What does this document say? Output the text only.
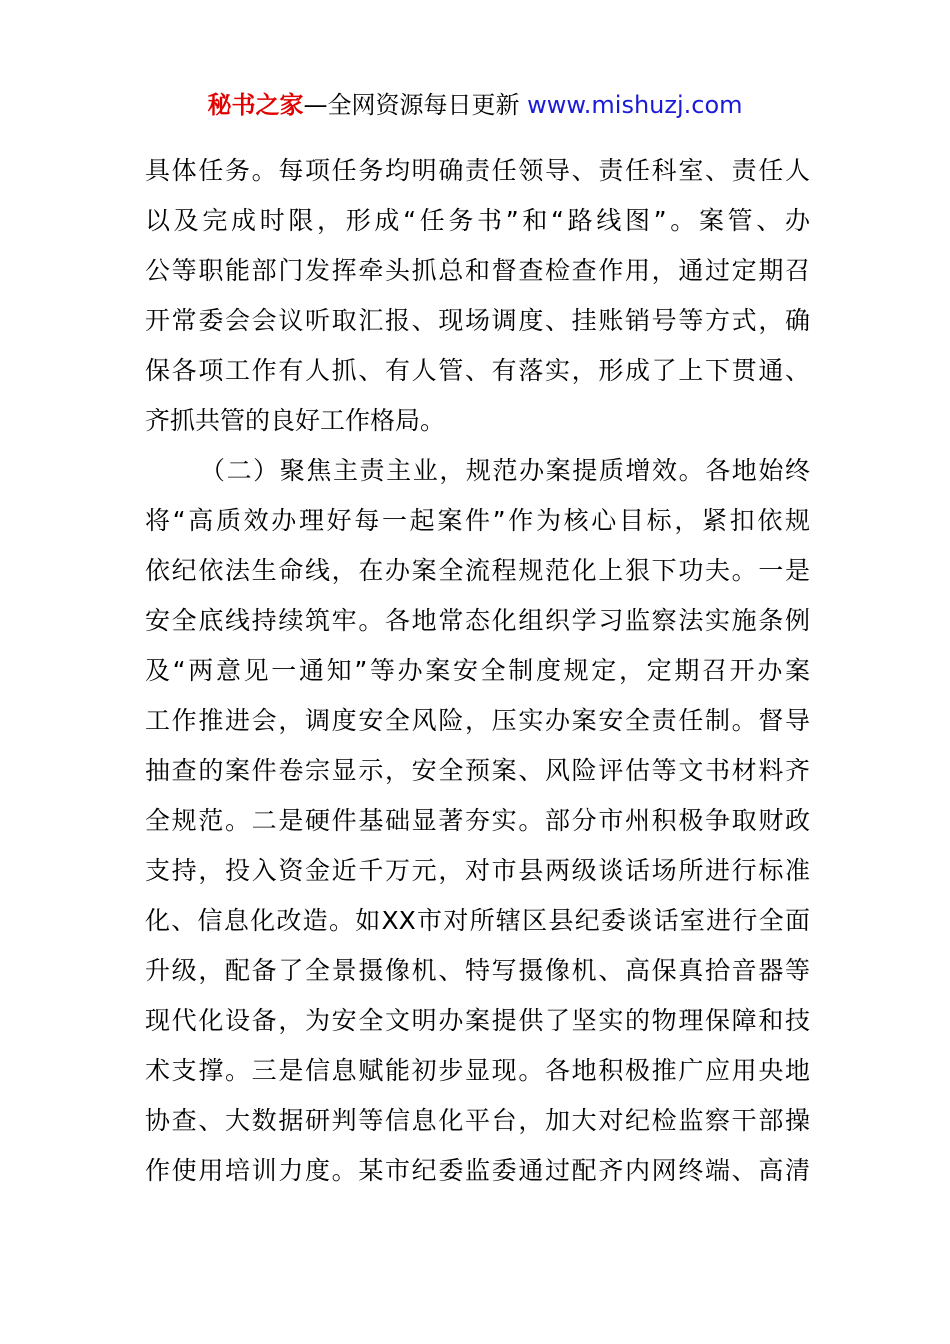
秘书之家—全网资源每日更新 www.mishuzj.com
具体任务。每项任务均明确责任领导、责任科室、责任人
以及完成时限，形成“任务书”和“路线图”。案管、办
公等职能部门发挥牵头抓总和督查检查作用，通过定期召
开常委会会议听取汇报、现场调度、挂账销号等方式，确
保各项工作有人抓、有人管、有落实，形成了上下贯通、
齐抓共管的良好工作格局。
（二）聚焦主责主业，规范办案提质增效。各地始终
将“高质效办理好每一起案件”作为核心目标，紧扣依规
依纪依法生命线，在办案全流程规范化上狠下功夫。一是
安全底线持续筑牢。各地常态化组织学习监察法实施条例
及“两意见一通知”等办案安全制度规定，定期召开办案
工作推进会，调度安全风险，压实办案安全责任制。督导
抽查的案件卷宗显示，安全预案、风险评估等文书材料齐
全规范。二是硬件基础显著夯实。部分市州积极争取财政
支持，投入资金近千万元，对市县两级谈话场所进行标准
化、信息化改造。如XX市对所辖区县纪委谈话室进行全面
升级，配备了全景摄像机、特写摄像机、高保真拾音器等
现代化设备，为安全文明办案提供了坚实的物理保障和技
术支撑。三是信息赋能初步显现。各地积极推广应用央地
协查、大数据研判等信息化平台，加大对纪检监察干部操
作使用培训力度。某市纪委监委通过配齐内网终端、高清
